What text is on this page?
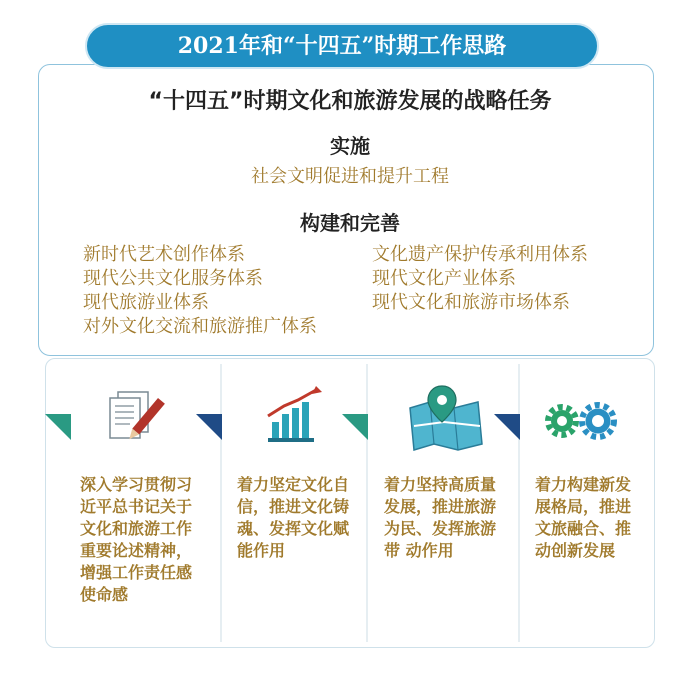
2021年和“十四五”时期工作思路
“十四五”时期文化和旅游发展的战略任务
实施
社会文明促进和提升工程
构建和完善
新时代艺术创作体系
现代公共文化服务体系
现代旅游业体系
对外文化交流和旅游推广体系
文化遗产保护传承利用体系
现代文化产业体系
现代文化和旅游市场体系
深入学习贯彻习近平总书记关于文化和旅游工作重要论述精神，增强工作责任感使命感
着力坚定文化自信，推进文化铸魂、发挥文化赋能作用
着力坚持高质量发展，推进旅游为民、发挥旅游带 动作用
着力构建新发展格局，推进文旅融合、推动创新发展
